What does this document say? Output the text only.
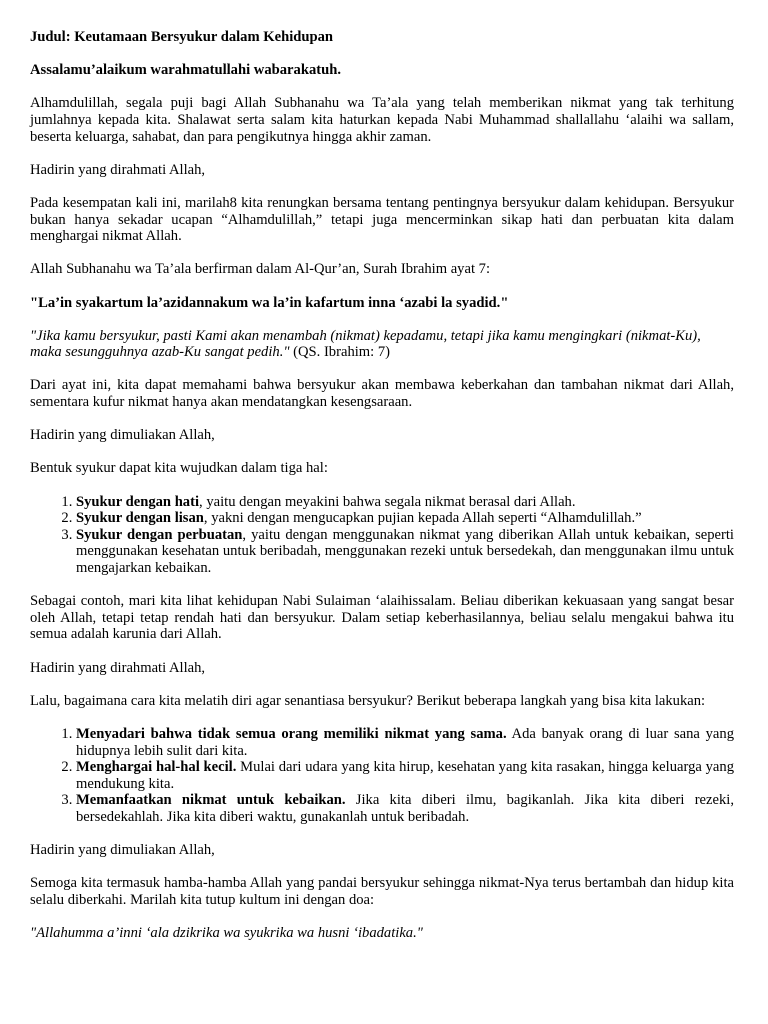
Judul: Keutamaan Bersyukur dalam Kehidupan

Assalamu’alaikum warahmatullahi wabarakatuh.

Alhamdulillah, segala puji bagi Allah Subhanahu wa Ta’ala yang telah memberikan nikmat yang tak terhitung jumlahnya kepada kita. Shalawat serta salam kita haturkan kepada Nabi Muhammad shallallahu ‘alaihi wa sallam, beserta keluarga, sahabat, dan para pengikutnya hingga akhir zaman.

Hadirin yang dirahmati Allah,

Pada kesempatan kali ini, marilah8 kita renungkan bersama tentang pentingnya bersyukur dalam kehidupan. Bersyukur bukan hanya sekadar ucapan “Alhamdulillah,” tetapi juga mencerminkan sikap hati dan perbuatan kita dalam menghargai nikmat Allah.

Allah Subhanahu wa Ta’ala berfirman dalam Al-Qur’an, Surah Ibrahim ayat 7:

"La’in syakartum la’azidannakum wa la’in kafartum inna ‘azabi la syadid."

"Jika kamu bersyukur, pasti Kami akan menambah (nikmat) kepadamu, tetapi jika kamu mengingkari (nikmat-Ku), maka sesungguhnya azab-Ku sangat pedih." (QS. Ibrahim: 7)

Dari ayat ini, kita dapat memahami bahwa bersyukur akan membawa keberkahan dan tambahan nikmat dari Allah, sementara kufur nikmat hanya akan mendatangkan kesengsaraan.

Hadirin yang dimuliakan Allah,

Bentuk syukur dapat kita wujudkan dalam tiga hal:

1. Syukur dengan hati, yaitu dengan meyakini bahwa segala nikmat berasal dari Allah.
2. Syukur dengan lisan, yakni dengan mengucapkan pujian kepada Allah seperti “Alhamdulillah.”
3. Syukur dengan perbuatan, yaitu dengan menggunakan nikmat yang diberikan Allah untuk kebaikan, seperti menggunakan kesehatan untuk beribadah, menggunakan rezeki untuk bersedekah, dan menggunakan ilmu untuk mengajarkan kebaikan.

Sebagai contoh, mari kita lihat kehidupan Nabi Sulaiman ‘alaihissalam. Beliau diberikan kekuasaan yang sangat besar oleh Allah, tetapi tetap rendah hati dan bersyukur. Dalam setiap keberhasilannya, beliau selalu mengakui bahwa itu semua adalah karunia dari Allah.

Hadirin yang dirahmati Allah,

Lalu, bagaimana cara kita melatih diri agar senantiasa bersyukur? Berikut beberapa langkah yang bisa kita lakukan:

1. Menyadari bahwa tidak semua orang memiliki nikmat yang sama. Ada banyak orang di luar sana yang hidupnya lebih sulit dari kita.
2. Menghargai hal-hal kecil. Mulai dari udara yang kita hirup, kesehatan yang kita rasakan, hingga keluarga yang mendukung kita.
3. Memanfaatkan nikmat untuk kebaikan. Jika kita diberi ilmu, bagikanlah. Jika kita diberi rezeki, bersedekahlah. Jika kita diberi waktu, gunakanlah untuk beribadah.

Hadirin yang dimuliakan Allah,

Semoga kita termasuk hamba-hamba Allah yang pandai bersyukur sehingga nikmat-Nya terus bertambah dan hidup kita selalu diberkahi. Marilah kita tutup kultum ini dengan doa:

"Allahumma a’inni ‘ala dzikrika wa syukrika wa husni ‘ibadatika."
